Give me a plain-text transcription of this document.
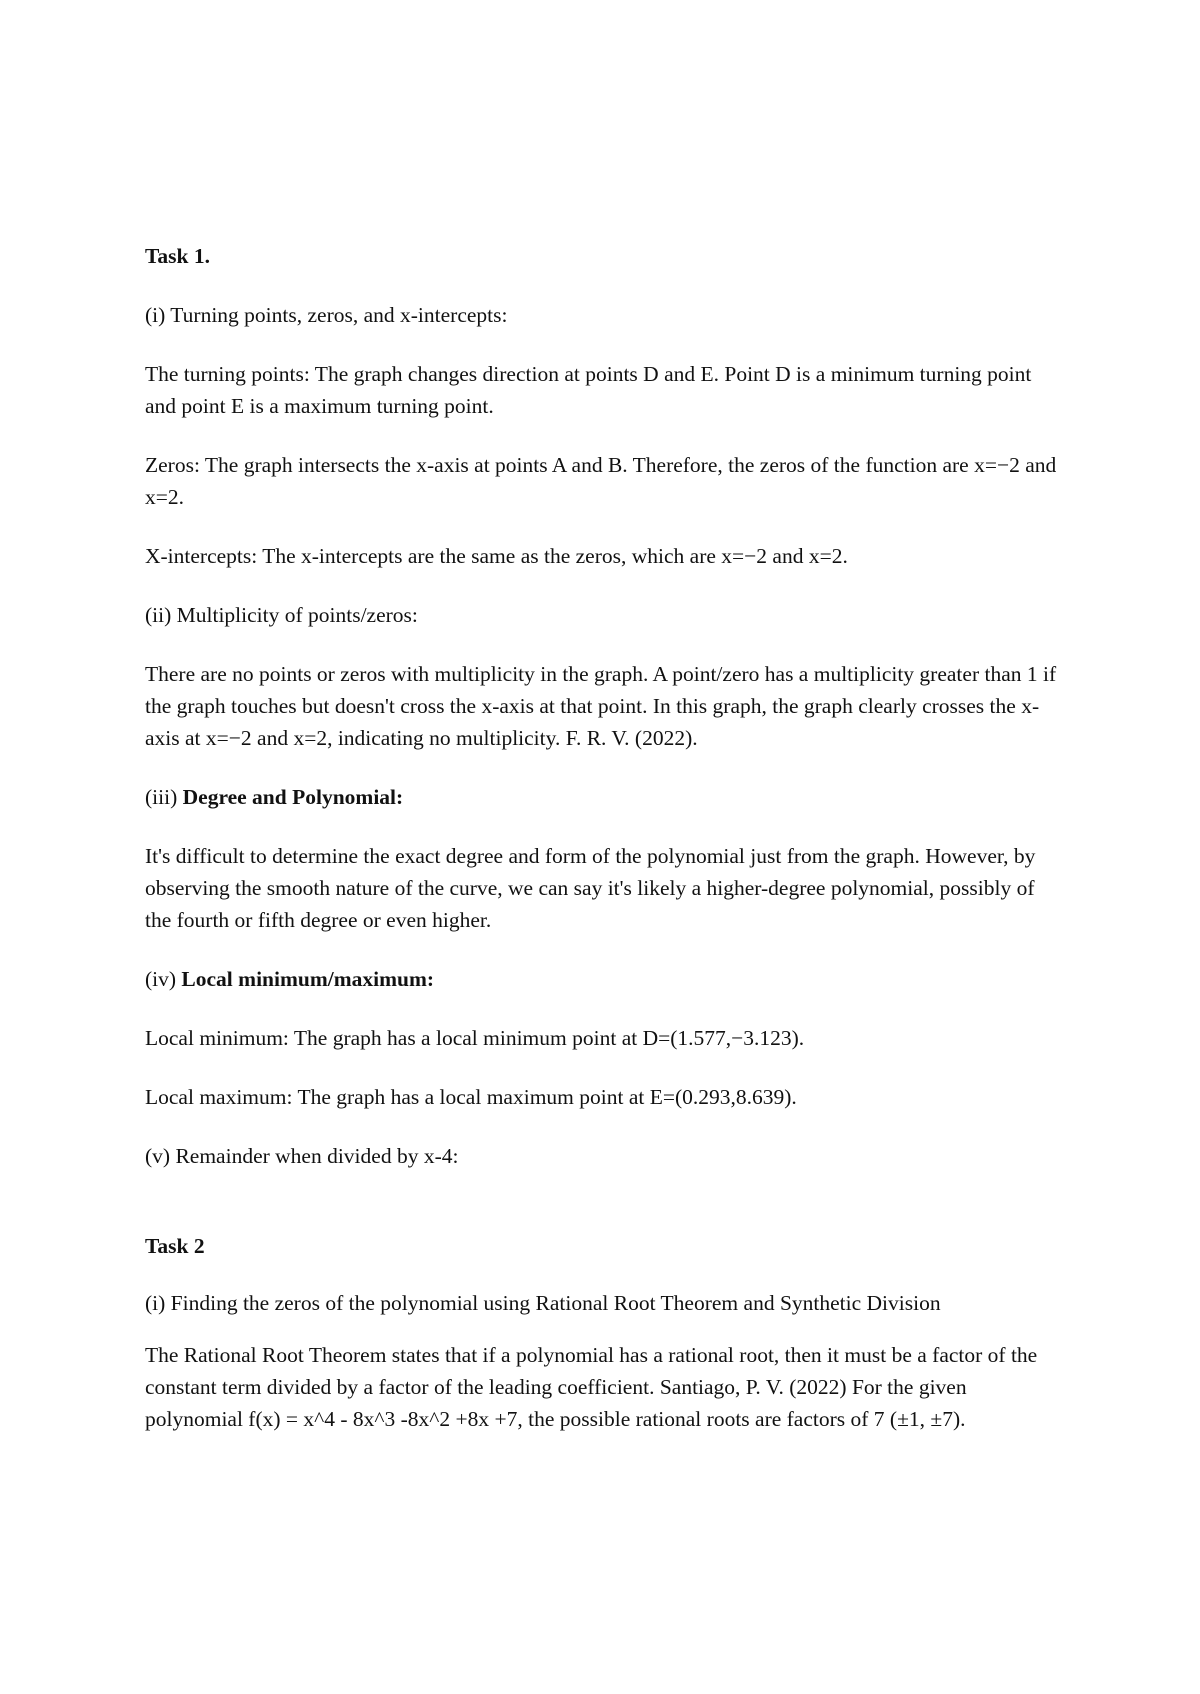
Task 1.

(i) Turning points, zeros, and x-intercepts:

The turning points: The graph changes direction at points D and E. Point D is a minimum turning point and point E is a maximum turning point.

Zeros: The graph intersects the x-axis at points A and B. Therefore, the zeros of the function are x=−2 and x=2.

X-intercepts: The x-intercepts are the same as the zeros, which are x=−2 and x=2.

(ii) Multiplicity of points/zeros:

There are no points or zeros with multiplicity in the graph. A point/zero has a multiplicity greater than 1 if the graph touches but doesn't cross the x-axis at that point. In this graph, the graph clearly crosses the x-axis at x=−2 and x=2, indicating no multiplicity. F. R. V. (2022).

(iii) Degree and Polynomial:

It's difficult to determine the exact degree and form of the polynomial just from the graph. However, by observing the smooth nature of the curve, we can say it's likely a higher-degree polynomial, possibly of the fourth or fifth degree or even higher.

(iv) Local minimum/maximum:

Local minimum: The graph has a local minimum point at D=(1.577,−3.123).

Local maximum: The graph has a local maximum point at E=(0.293,8.639).

(v) Remainder when divided by x-4:

Task 2

(i) Finding the zeros of the polynomial using Rational Root Theorem and Synthetic Division

The Rational Root Theorem states that if a polynomial has a rational root, then it must be a factor of the constant term divided by a factor of the leading coefficient. Santiago, P. V. (2022) For the given polynomial f(x) = x^4 - 8x^3 -8x^2 +8x +7, the possible rational roots are factors of 7 (±1, ±7).
